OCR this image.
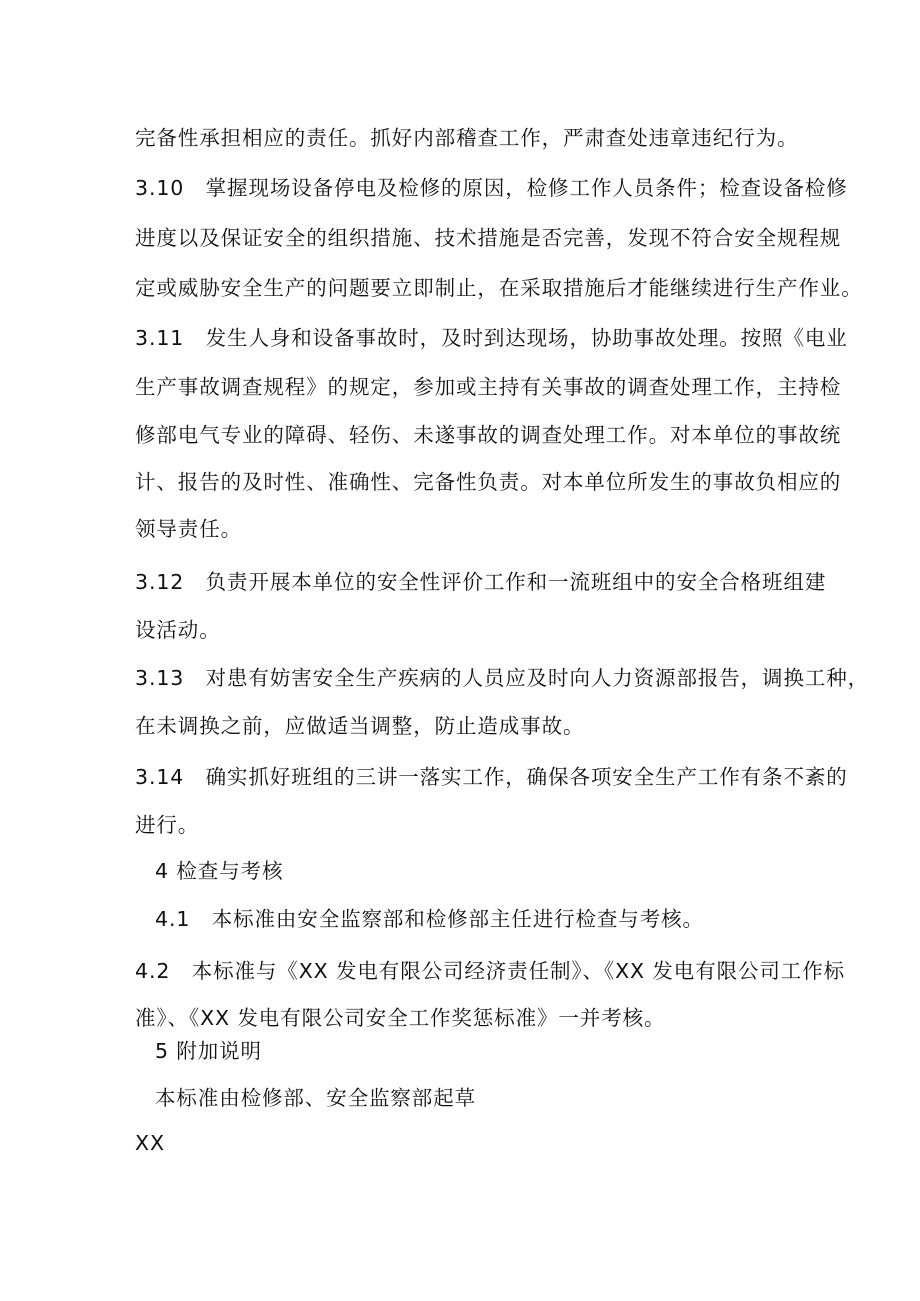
完备性承担相应的责任。抓好内部稽查工作，严肃查处违章违纪行为。
3.10　掌握现场设备停电及检修的原因，检修工作人员条件；检查设备检修
进度以及保证安全的组织措施、技术措施是否完善，发现不符合安全规程规
定或威胁安全生产的问题要立即制止，在采取措施后才能继续进行生产作业。
3.11　发生人身和设备事故时，及时到达现场，协助事故处理。按照《电业
生产事故调查规程》的规定，参加或主持有关事故的调查处理工作，主持检
修部电气专业的障碍、轻伤、未遂事故的调查处理工作。对本单位的事故统
计、报告的及时性、准确性、完备性负责。对本单位所发生的事故负相应的
领导责任。
3.12　负责开展本单位的安全性评价工作和一流班组中的安全合格班组建
设活动。
3.13　对患有妨害安全生产疾病的人员应及时向人力资源部报告，调换工种，
在未调换之前，应做适当调整，防止造成事故。
3.14　确实抓好班组的三讲一落实工作，确保各项安全生产工作有条不紊的
进行。
4 检查与考核
4.1　本标准由安全监察部和检修部主任进行检查与考核。
4.2　本标准与《XX 发电有限公司经济责任制》、《XX 发电有限公司工作标
准》、《XX 发电有限公司安全工作奖惩标准》一并考核。
5 附加说明
本标准由检修部、安全监察部起草
XX
